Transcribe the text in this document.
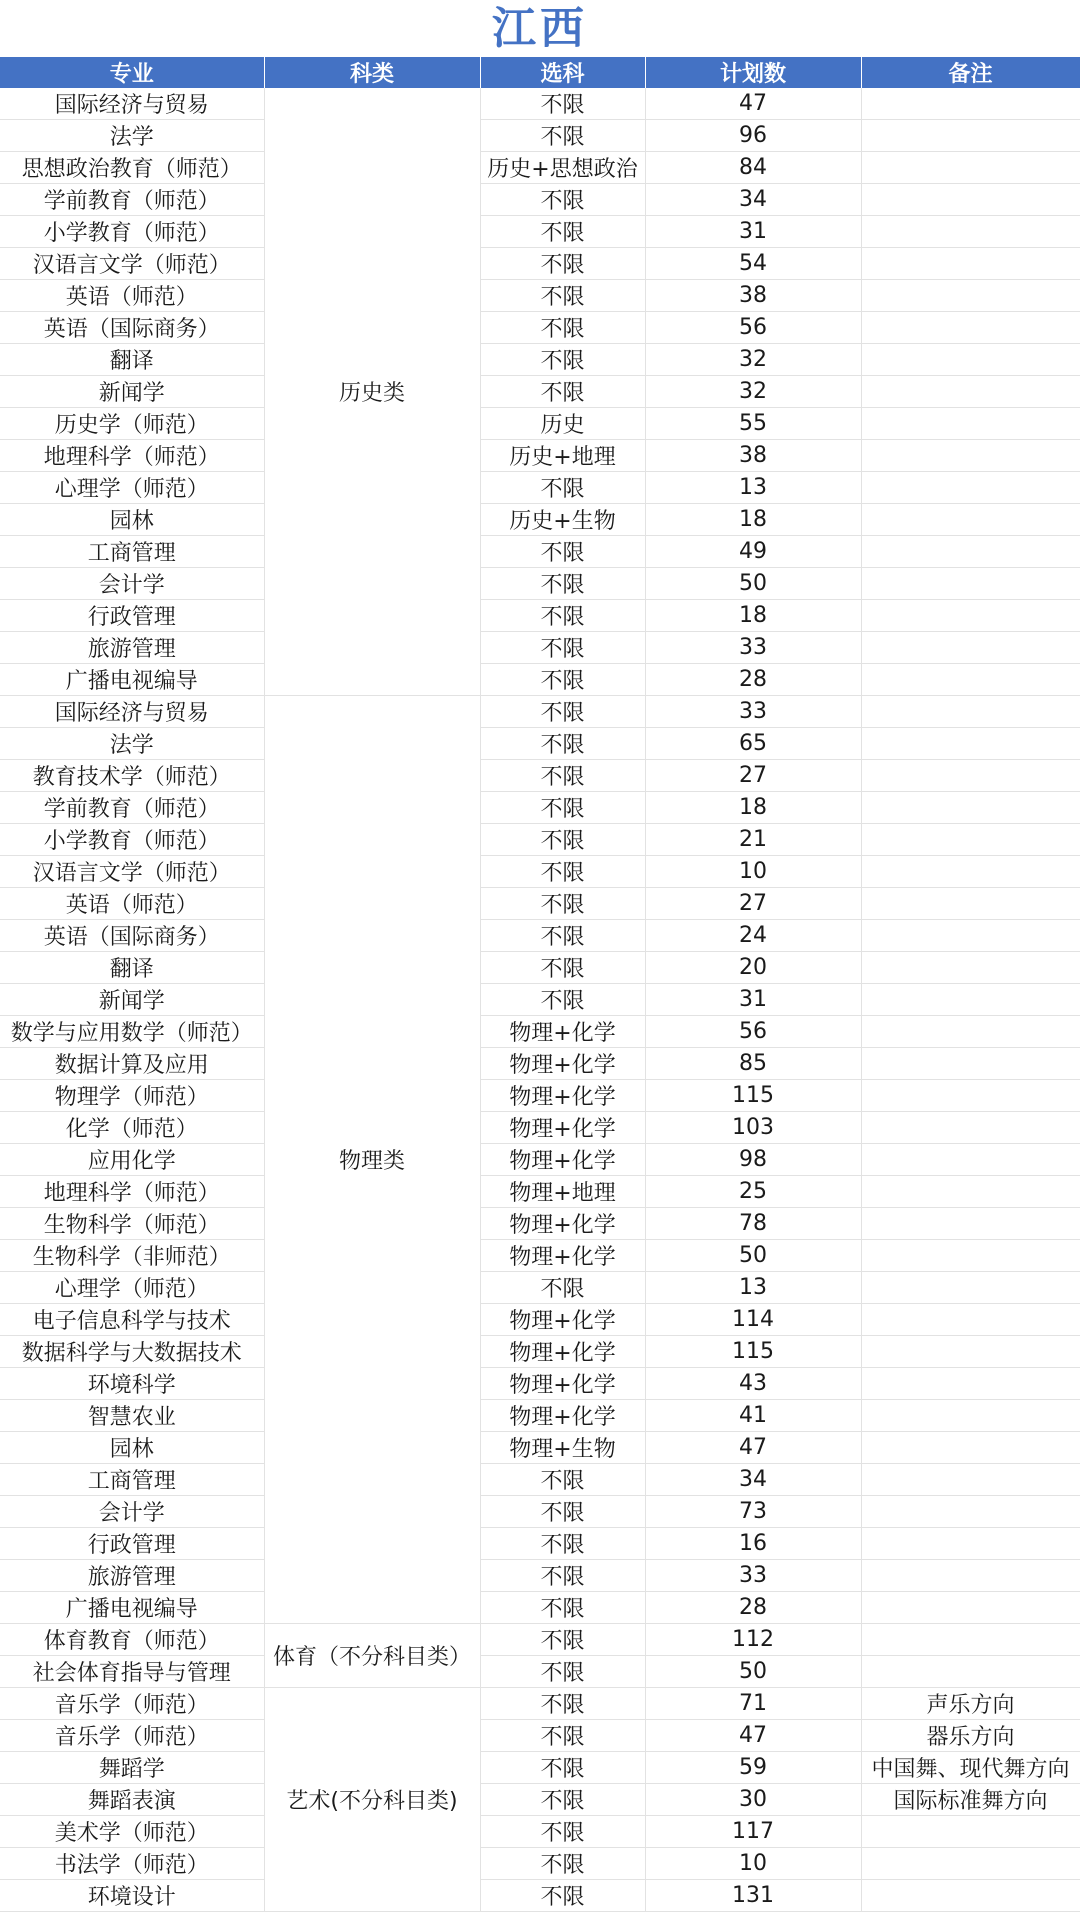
江西
专业	科类	选科	计划数	备注
国际经济与贸易	历史类	不限	47	
法学		不限	96	
思想政治教育（师范）		历史+思想政治	84	
学前教育（师范）		不限	34	
小学教育（师范）		不限	31	
汉语言文学（师范）		不限	54	
英语（师范）		不限	38	
英语（国际商务）		不限	56	
翻译		不限	32	
新闻学		不限	32	
历史学（师范）		历史	55	
地理科学（师范）		历史+地理	38	
心理学（师范）		不限	13	
园林		历史+生物	18	
工商管理		不限	49	
会计学		不限	50	
行政管理		不限	18	
旅游管理		不限	33	
广播电视编导		不限	28	
国际经济与贸易	物理类	不限	33	
法学		不限	65	
教育技术学（师范）		不限	27	
学前教育（师范）		不限	18	
小学教育（师范）		不限	21	
汉语言文学（师范）		不限	10	
英语（师范）		不限	27	
英语（国际商务）		不限	24	
翻译		不限	20	
新闻学		不限	31	
数学与应用数学（师范）		物理+化学	56	
数据计算及应用		物理+化学	85	
物理学（师范）		物理+化学	115	
化学（师范）		物理+化学	103	
应用化学		物理+化学	98	
地理科学（师范）		物理+地理	25	
生物科学（师范）		物理+化学	78	
生物科学（非师范）		物理+化学	50	
心理学（师范）		不限	13	
电子信息科学与技术		物理+化学	114	
数据科学与大数据技术		物理+化学	115	
环境科学		物理+化学	43	
智慧农业		物理+化学	41	
园林		物理+生物	47	
工商管理		不限	34	
会计学		不限	73	
行政管理		不限	16	
旅游管理		不限	33	
广播电视编导		不限	28	
体育教育（师范）	体育（不分科目类）	不限	112	
社会体育指导与管理		不限	50	
音乐学（师范）	艺术(不分科目类)	不限	71	声乐方向
音乐学（师范）		不限	47	器乐方向
舞蹈学		不限	59	中国舞、现代舞方向
舞蹈表演		不限	30	国际标准舞方向
美术学（师范）		不限	117	
书法学（师范）		不限	10	
环境设计		不限	131	
